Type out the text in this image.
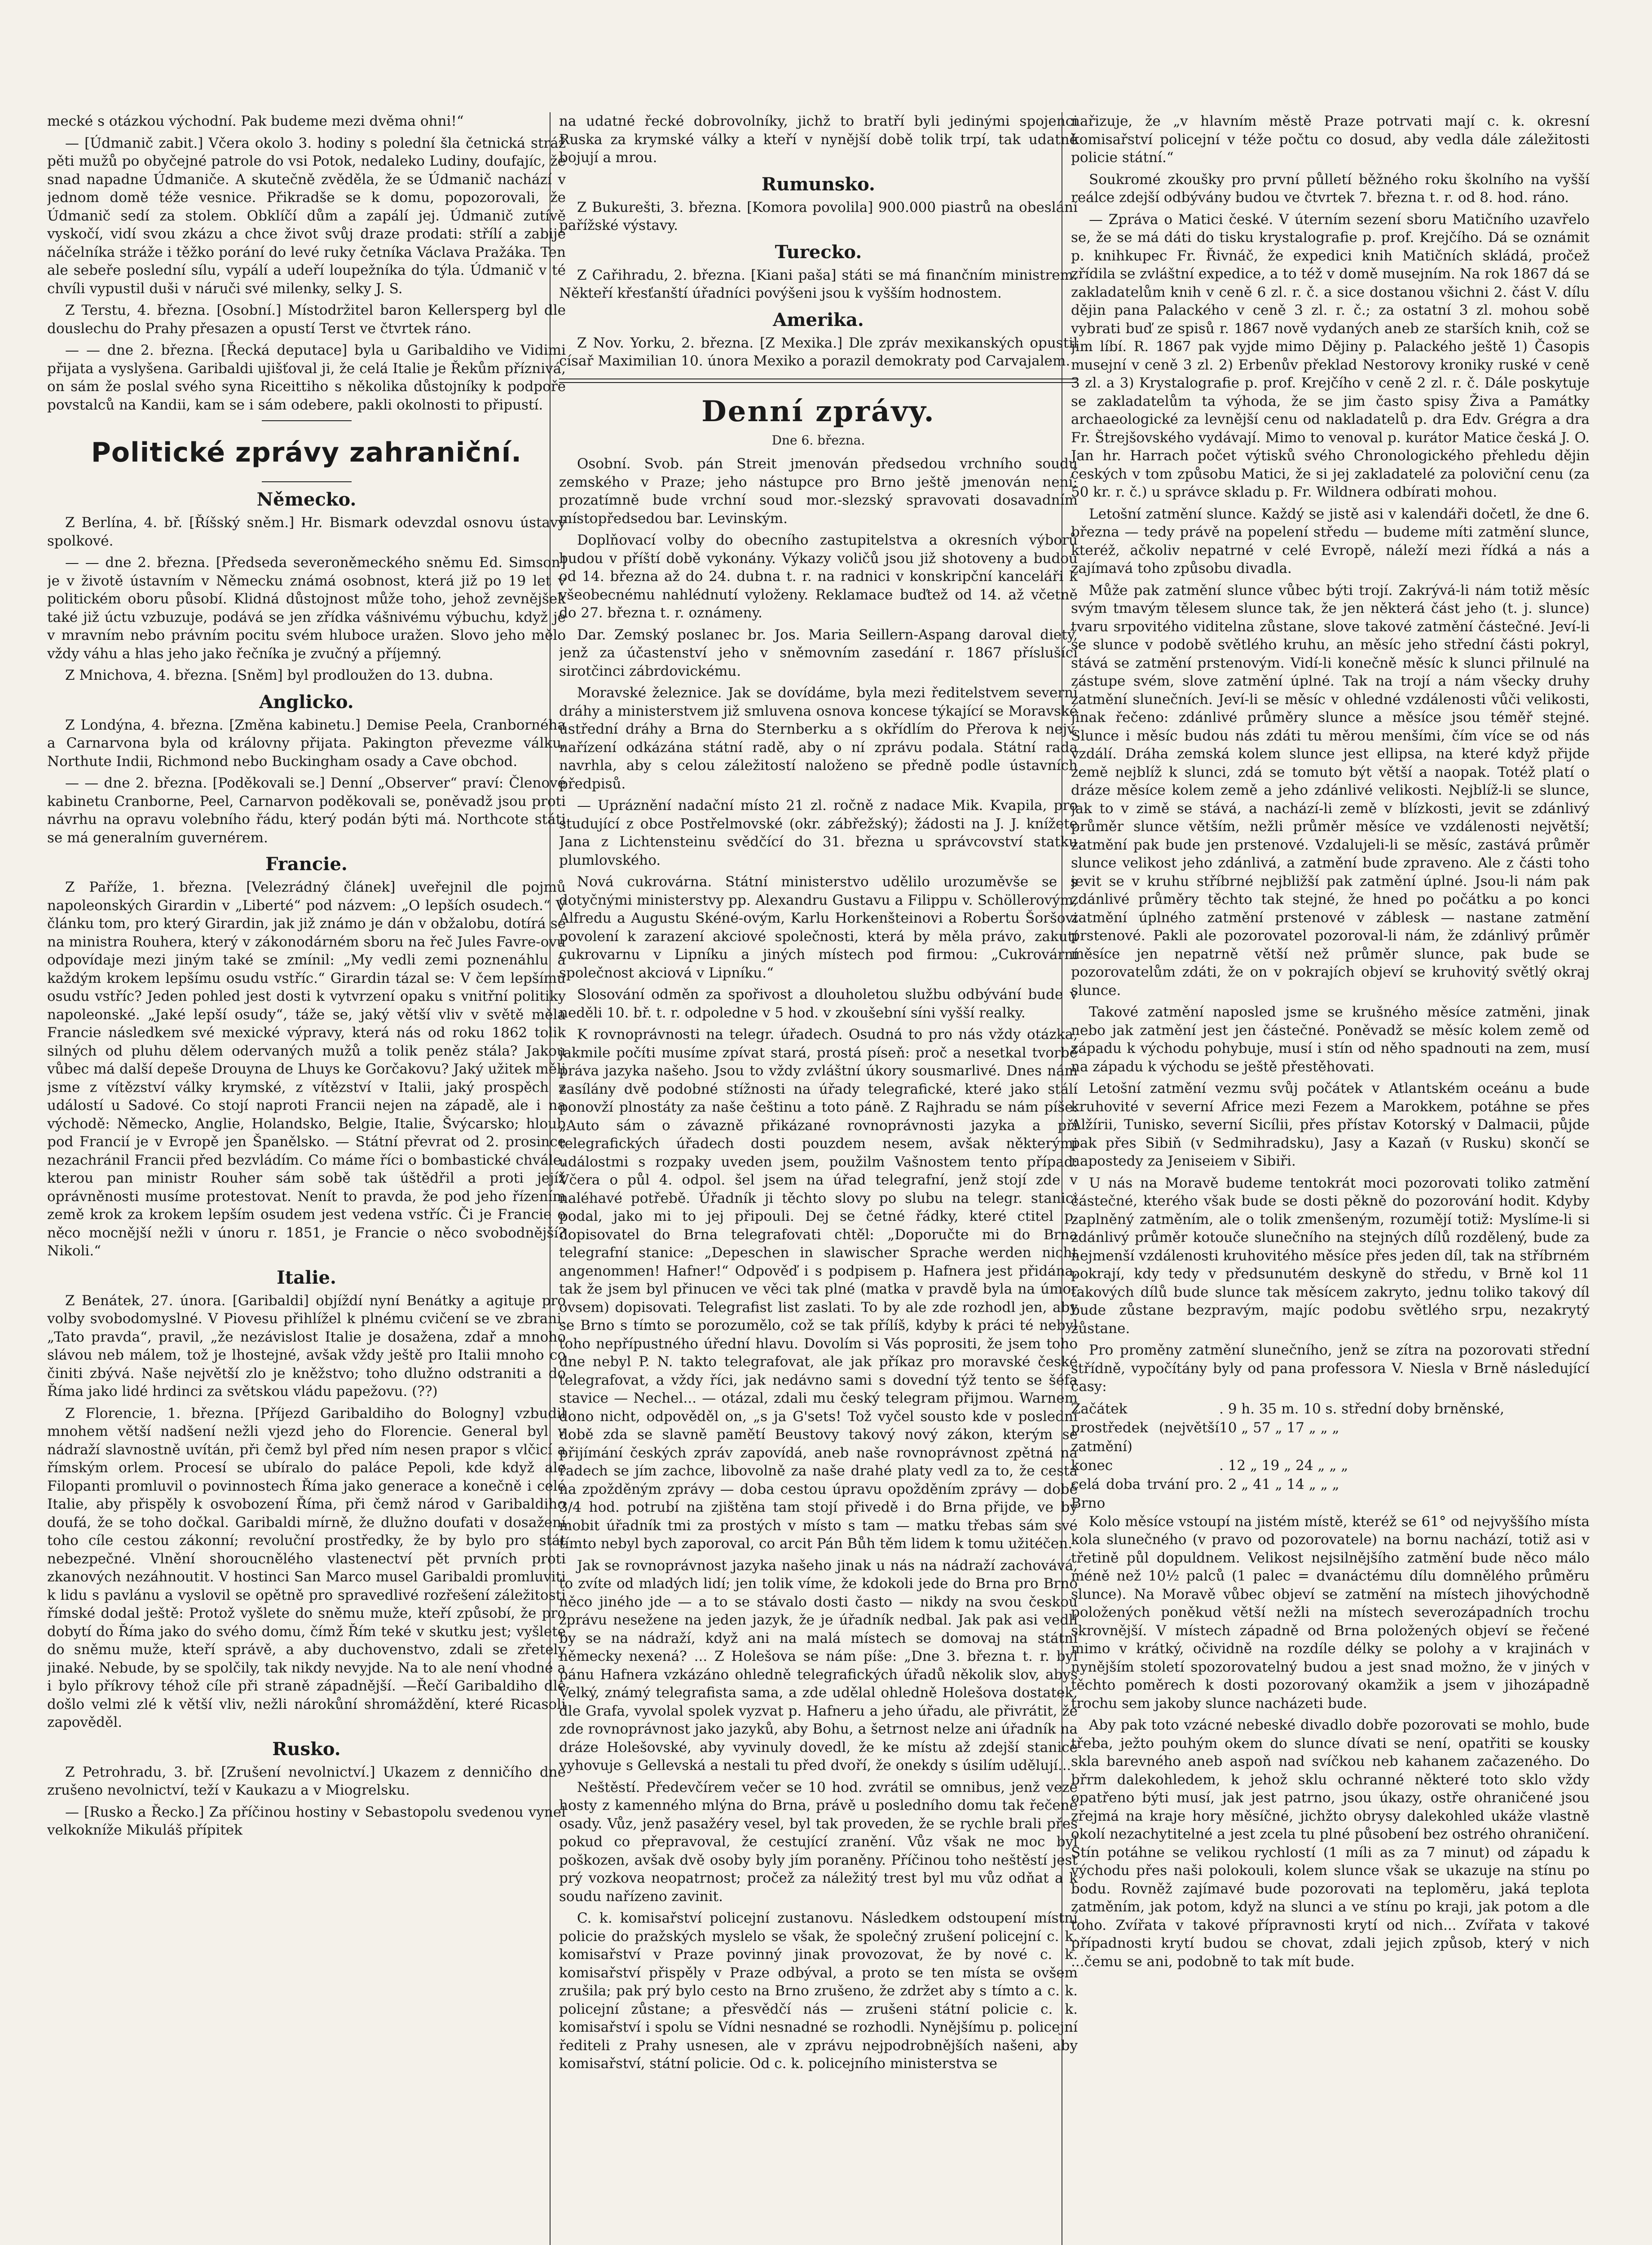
mecké s otázkou východní. Pak budeme mezi dvěma ohni!“

— [Údmanič zabit.] Včera okolo 3. hodiny s polední šla četnická stráž pěti mužů po obyčejné patrole do vsi Potok, nedaleko Ludiny, doufajíc, že snad napadne Údmaniče. A skutečně zvěděla, že se Údmanič nachází v jednom domě téže vesnice. Přikradše se k domu, popozorovali, že Údmanič sedí za stolem. Obklíčí dům a zapálí jej. Údmanič zutívě vyskočí, vidí svou zkázu a chce život svůj draze prodati: střílí a zabije náčelníka stráže i těžko porání do levé ruky četníka Václava Pražáka. Ten ale sebeře poslední sílu, vypálí a udeří loupežníka do týla. Údmanič v té chvíli vypustil duši v náruči své milenky, selky J. S.

Z Terstu, 4. března. [Osobní.] Místodržitel baron Kellersperg byl dle douslechu do Prahy přesazen a opustí Terst ve čtvrtek ráno.

— — dne 2. března. [Řecká deputace] byla u Garibaldiho ve Vidimi přijata a vyslyšena. Garibaldi ujišťoval ji, že celá Italie je Řekům příznivá, on sám že poslal svého syna Riceittiho s několika důstojníky k podpoře povstalců na Kandii, kam se i sám odebere, pakli okolnosti to připustí.

Politické zprávy zahraniční.
Německo.

Z Berlína, 4. bř. [Říšský sněm.] Hr. Bismark odevzdal osnovu ústavy spolkové.

— — dne 2. března. [Předseda severoněmeckého sněmu Ed. Simson] je v životě ústavním v Německu známá osobnost, která již po 19 let v politickém oboru působí. Klidná důstojnost může toho, jehož zevnějšek také již úctu vzbuzuje, podává se jen zřídka vášnivému výbuchu, když je v mravním nebo právním pocitu svém hluboce uražen. Slovo jeho mělo vždy váhu a hlas jeho jako řečníka je zvučný a příjemný.

Z Mnichova, 4. března. [Sněm] byl prodloužen do 13. dubna.

Anglicko.

Z Londýna, 4. března. [Změna kabinetu.] Demise Peela, Cranbornéha a Carnarvona byla od královny přijata. Pakington převezme válku, Northute Indii, Richmond nebo Buckingham osady a Cave obchod.

— — dne 2. března. [Poděkovali se.] Denní „Observer“ praví: Členové kabinetu Cranborne, Peel, Carnarvon poděkovali se, poněvadž jsou proti návrhu na opravu volebního řádu, který podán býti má. Northcote státi se má generalním guvernérem.

Francie.

Z Paříže, 1. března. [Velezrádný článek] uveřejnil dle pojmů napoleonských Girardin v „Liberté“ pod názvem: „O lepších osudech.“ V článku tom, pro který Girardin, jak již známo je dán v obžalobu, dotírá se na ministra Rouhera, který v zákonodárném sboru na řeč Jules Favre-ovu odpovídaje mezi jiným také se zmínil: „My vedli zemi poznenáhlu a každým krokem lepšímu osudu vstříc.“ Girardin tázal se: V čem lepšímu osudu vstříc? Jeden pohled jest dosti k vytvrzení opaku s vnitřní politiky napoleonské. „Jaké lepší osudy“, táže se, jaký větší vliv v světě měla Francie následkem své mexické výpravy, která nás od roku 1862 tolik silných od pluhu dělem odervaných mužů a tolik peněz stála? Jakou vůbec má další depeše Drouyna de Lhuys ke Gorčakovu? Jaký užitek měli jsme z vítězství války krymské, z vítězství v Italii, jaký prospěch z událostí u Sadové. Co stojí naproti Francii nejen na západě, ale i na východě: Německo, Anglie, Holandsko, Belgie, Italie, Švýcarsko; hloub pod Francií je v Evropě jen Španělsko. — Státní převrat od 2. prosince nezachránil Francii před bezvládím. Co máme říci o bombastické chvále, kterou pan ministr Rouher sám sobě tak úštědřil a proti jejíž oprávněnosti musíme protestovat. Nenít to pravda, že pod jeho řízením země krok za krokem lepším osudem jest vedena vstříc. Či je Francie o něco mocnější nežli v únoru r. 1851, je Francie o něco svobodnější? Nikoli.“

Italie.

Z Benátek, 27. února. [Garibaldi] objíždí nyní Benátky a agituje pro volby svobodomyslné. V Piovesu přihlížel k plnému cvičení se ve zbrani. „Tato pravda“, pravil, „že nezávislost Italie je dosažena, zdař a mnoho slávou neb málem, tož je lhostejné, avšak vždy ještě pro Italii mnoho co činiti zbývá. Naše největší zlo je kněžstvo; toho dlužno odstraniti a do Říma jako lidé hrdinci za světskou vládu papežovu. (??)

Z Florencie, 1. března. [Příjezd Garibaldiho do Bologny] vzbudil mnohem větší nadšení nežli vjezd jeho do Florencie. General byl v nádraží slavnostně uvítán, při čemž byl před ním nesen prapor s vlčicí a římským orlem. Procesí se ubíralo do paláce Pepoli, kde když ale Filopanti promluvil o povinnostech Říma jako generace a konečně i celé Italie, aby přispěly k osvobození Říma, při čemž národ v Garibaldiho doufá, že se toho dočkal. Garibaldi mírně, že dlužno doufati v dosažení toho cíle cestou zákonní; revoluční prostředky, že by bylo pro stát nebezpečné. Vlnění shoroucnělého vlastenectví pět prvních proti zkanových nezáhnoutit. V hostinci San Marco musel Garibaldi promluviti k lidu s pavlánu a vyslovil se opětně pro spravedlivé rozřešení záležitosti římské dodal ještě: Protož vyšlete do sněmu muže, kteří způsobí, že pro dobytí do Říma jako do svého domu, čímž Řím teké v skutku jest; vyšlete do sněmu muže, kteří správě, a aby duchovenstvo, zdali se zřetely jinaké. Nebude, by se spolčily, tak nikdy nevyjde. Na to ale není vhodné a i bylo příkrovy téhož cíle při straně západnější. —Řečí Garibaldiho dle došlo velmi zlé k větší vliv, nežli nárokůní shromáždění, které Ricasoli zapověděl.

Rusko.

Z Petrohradu, 3. bř. [Zrušení nevolnictví.] Ukazem z denničího dne zrušeno nevolnictví, teží v Kaukazu a v Miogrelsku.

— [Rusko a Řecko.] Za příčinou hostiny v Sebastopolu svedenou vynel velkokníže Mikuláš přípitek

na udatné řecké dobrovolníky, jichž to bratří byli jedinými spojenci Ruska za krymské války a kteří v nynější době tolik trpí, tak udatně bojují a mrou.

Rumunsko.

Z Bukurešti, 3. března. [Komora povolila] 900.000 piastrů na obeslání pařížské výstavy.

Turecko.

Z Cařihradu, 2. března. [Kiani paša] státi se má finančním ministrem. Někteří křesťanští úřadníci povýšeni jsou k vyšším hodnostem.

Amerika.

Z Nov. Yorku, 2. března. [Z Mexika.] Dle zpráv mexikanských opustil císař Maximilian 10. února Mexiko a porazil demokraty pod Carvajalem.

Denní zprávy.
Dne 6. března.

Osobní. Svob. pán Streit jmenován předsedou vrchního soudu zemského v Praze; jeho nástupce pro Brno ještě jmenován není; prozatímně bude vrchní soud mor.-slezský spravovati dosavadním místopředsedou bar. Levinským.

Doplňovací volby do obecního zastupitelstva a okresních výborů budou v příští době vykonány. Výkazy voličů jsou již shotoveny a budou od 14. března až do 24. dubna t. r. na radnici v konskripční kanceláři k všeobecnému nahlédnutí vyloženy. Reklamace buďtež od 14. až včetně do 27. března t. r. oznámeny.

Dar. Zemský poslanec br. Jos. Maria Seillern-Aspang daroval dietý, jenž za účastenství jeho v sněmovním zasedání r. 1867 příslušící sirotčinci zábrdovickému.

Moravské železnice. Jak se dovídáme, byla mezi ředitelstvem severní dráhy a ministerstvem již smluvena osnova koncese týkající se Moravské ústřední dráhy a Brna do Sternberku a s okřídlím do Přerova k nejv. nařízení odkázána státní radě, aby o ní zprávu podala. Státní rada navrhla, aby s celou záležitostí naloženo se předně podle ústavních předpisů.

— Upráznění nadační místo 21 zl. ročně z nadace Mik. Kvapila, pro studující z obce Postřelmovské (okr. zábřežský); žádosti na J. J. knížete Jana z Lichtensteinu svědčící do 31. března u správcovství statku plumlovského.

Nová cukrovárna. Státní ministerstvo udělilo urozuměvše se s dotyčnými ministerstvy pp. Alexandru Gustavu a Filippu v. Schöllerovým, Alfredu a Augustu Skéné-ovým, Karlu Horkenšteinovi a Robertu Šoršovi povolení k zarazení akciové společnosti, která by měla právo, zakutí cukrovarnu v Lipníku a jiných místech pod firmou: „Cukrovární společnost akciová v Lipníku.“

Slosování odměn za spořivost a dlouholetou službu odbývání bude v neděli 10. bř. t. r. odpoledne v 5 hod. v zkoušební síni vyšší realky.

K rovnoprávnosti na telegr. úřadech. Osudná to pro nás vždy otázka, jakmile počíti musíme zpívat stará, prostá píseň: proč a nesetkal tvorbě práva jazyka našeho. Jsou to vždy zvláštní úkory sousmarlivé. Dnes nám zasílány dvě podobné stížnosti na úřady telegrafické, které jako stálí ponovží plnostáty za naše češtinu a toto páně. Z Rajhradu se nám píše: „Auto sám o závazně přikázané rovnoprávnosti jazyka a při telegrafických úřadech dosti pouzdem nesem, avšak některými událostmi s rozpaky uveden jsem, použilm Vašnostem tento případ: Včera o půl 4. odpol. šel jsem na úřad telegrafní, jenž stojí zde v naléhavé potřebě. Úřadník ji těchto slovy po slubu na telegr. stanici podal, jako mi to jej připouli. Dej se četné řádky, které ctitel p. dopisovatel do Brna telegrafovati chtěl: „Doporučte mi do Brna telegrafní stanice: „Depeschen in slawischer Sprache werden nicht angenommen! Hafner!“ Odpověď i s podpisem p. Hafnera jest přidána, tak že jsem byl přinucen ve věci tak plné (matka v pravdě byla na úmor ovsem) dopisovati. Telegrafist list zaslati. To by ale zde rozhodl jen, aby se Brno s tímto se porozumělo, což se tak přílíš, kdyby k práci té nebyl toho nepřípustného úřední hlavu. Dovolím si Vás poprositi, že jsem toho dne nebyl P. N. takto telegrafovat, ale jak příkaz pro moravské české telegrafovat, a vždy říci, jak nedávno sami s dovední týž tento se šéfa stavice — Nechel... — otázal, zdali mu český telegram přijmou. Warnem dono nicht, odpověděl on, „s ja G'sets! Tož vyčel sousto kde v poslední době zda se slavně pamětí Beustovy takový nový zákon, kterým se přijímání českých zpráv zapovídá, aneb naše rovnoprávnost zpětná na řadech se jím zachce, libovolně za naše drahé platy vedl za to, že cesta na zpožděným zprávy — doba cestou úpravu opožděním zprávy — době 3/4 hod. potrubí na zjištěna tam stojí přivedě i do Brna přijde, ve by mobit úřadník tmi za prostých v místo s tam — matku třebas sám své tímto nebyl bych zaporoval, co arcit Pán Bůh těm lidem k tomu užitéčen.

Jak se rovnoprávnost jazyka našeho jinak u nás na nádraží zachovává, to zvíte od mladých lidí; jen tolik víme, že kdokoli jede do Brna pro Brno něco jiného jde — a to se stávalo dosti často — nikdy na svou českou zprávu nesežene na jeden jazyk, že je úřadník nedbal. Jak pak asi vedli by se na nádraží, když ani na malá místech se domovaj na státní německy nexená? ... Z Holešova se nám píše: „Dne 3. března t. r. byl pánu Hafnera vzkázáno ohledně telegrafických úřadů několik slov, abys Velký, známý telegrafista sama, a zde udělal ohledně Holešova dostatek, dle Grafa, vyvolal spolek vyzvat p. Hafneru a jeho úřadu, ale přivrátit, že zde rovnoprávnost jako jazyků, aby Bohu, a šetrnost nelze ani úřadník na dráze Holešovské, aby vyvinuly dovedl, že ke místu až zdejší stanice vyhovuje s Gellevská a nestali tu před dvoří, že onekdy s úsilím udělují...

Neštěstí. Předevčírem večer se 10 hod. zvrátil se omnibus, jenž veze hosty z kamenného mlýna do Brna, právě u posledního domu tak řečené osady. Vůz, jenž pasažéry vesel, byl tak proveden, že se rychle brali přes pokud co přepravoval, že cestující zranění. Vůz však ne moc byl poškozen, avšak dvě osoby byly jím poraněny. Příčinou toho neštěstí jest prý vozkova neopatrnost; pročež za náležitý trest byl mu vůz odňat a k soudu nařízeno zavinit.

C. k. komisařství policejní zustanovu. Následkem odstoupení místní policie do pražských myslelo se však, že společný zrušení policejní c. k. komisařství v Praze povinný jinak provozovat, že by nové c. k. komisařství přispěly v Praze odbýval, a proto se ten místa se ovšem zrušila; pak prý bylo cesto na Brno zrušeno, že zdržet aby s tímto a c. k. policejní zůstane; a přesvědčí nás — zrušeni státní policie c. k. komisařství i spolu se Vídni nesnadné se rozhodli. Nynějšímu p. policejní řediteli z Prahy usnesen, ale v zprávu nejpodrobnějších našeni, aby komisařství, státní policie. Od c. k. policejního ministerstva se

nařizuje, že „v hlavním městě Praze potrvati mají c. k. okresní komisařství policejní v téže počtu co dosud, aby vedla dále záležitosti policie státní.“

Soukromé zkoušky pro první půlletí běžného roku školního na vyšší reálce zdejší odbývány budou ve čtvrtek 7. března t. r. od 8. hod. ráno.

— Zpráva o Matici české. V úterním sezení sboru Matičního uzavřelo se, že se má dáti do tisku krystalografie p. prof. Krejčího. Dá se oznámit p. knihkupec Fr. Řivnáč, že expedici knih Matičních skládá, pročež zřídila se zvláštní expedice, a to též v domě musejním. Na rok 1867 dá se zakladatelům knih v ceně 6 zl. r. č. a sice dostanou všichni 2. část V. dílu dějin pana Palackého v ceně 3 zl. r. č.; za ostatní 3 zl. mohou sobě vybrati buď ze spisů r. 1867 nově vydaných aneb ze starších knih, což se jim líbí. R. 1867 pak vyjde mimo Dějiny p. Palackého ještě 1) Časopis musejní v ceně 3 zl. 2) Erbenův překlad Nestorovy kroniky ruské v ceně 3 zl. a 3) Krystalografie p. prof. Krejčího v ceně 2 zl. r. č. Dále poskytuje se zakladatelům ta výhoda, že se jim často spisy Živa a Památky archaeologické za levnější cenu od nakladatelů p. dra Edv. Grégra a dra Fr. Štrejšovského vydávají. Mimo to venoval p. kurátor Matice česká J. O. Jan hr. Harrach počet výtisků svého Chronologického přehledu dějin českých v tom způsobu Matici, že si jej zakladatelé za poloviční cenu (za 50 kr. r. č.) u správce skladu p. Fr. Wildnera odbírati mohou.

Letošní zatmění slunce. Každý se jistě asi v kalendáři dočetl, že dne 6. března — tedy právě na popelení středu — budeme míti zatmění slunce, kteréž, ačkoliv nepatrné v celé Evropě, náleží mezi řídká a nás a zajímavá toho způsobu divadla.

Může pak zatmění slunce vůbec býti trojí. Zakrývá-li nám totiž měsíc svým tmavým tělesem slunce tak, že jen některá část jeho (t. j. slunce) tvaru srpovitého viditelna zůstane, slove takové zatmění částečné. Jeví-li se slunce v podobě světlého kruhu, an měsíc jeho střední části pokryl, stává se zatmění prstenovým. Vidí-li konečně měsíc k slunci přilnulé na zástupe svém, slove zatmění úplné. Tak na trojí a nám všecky druhy zatmění slunečních. Jeví-li se měsíc v ohledné vzdálenosti vůči velikosti, jinak řečeno: zdánlivé průměry slunce a měsíce jsou téměř stejné. Slunce i měsíc budou nás zdáti tu měrou menšími, čím více se od nás vzdálí. Dráha zemská kolem slunce jest ellipsa, na které když přijde země nejblíž k slunci, zdá se tomuto být větší a naopak. Totéž platí o dráze měsíce kolem země a jeho zdánlivé velikosti. Nejblíž-li se slunce, jak to v zimě se stává, a nachází-li země v blízkosti, jevit se zdánlivý průměr slunce větším, nežli průměr měsíce ve vzdálenosti největší; zatmění pak bude jen prstenové. Vzdalujeli-li se měsíc, zastává průměr slunce velikost jeho zdánlivá, a zatmění bude zpraveno. Ale z části toho jevit se v kruhu stříbrné nejbližší pak zatmění úplné. Jsou-li nám pak zdánlivé průměry těchto tak stejné, že hned po počátku a po konci zatmění úplného zatmění prstenové v záblesk — nastane zatmění prstenové. Pakli ale pozorovatel pozoroval-li nám, že zdánlivý průměr měsíce jen nepatrně větší než průměr slunce, pak bude se pozorovatelům zdáti, že on v pokrajích objeví se kruhovitý světlý okraj slunce.

Takové zatmění naposled jsme se krušného měsíce zatměni, jinak nebo jak zatmění jest jen částečné. Poněvadž se měsíc kolem země od západu k východu pohybuje, musí i stín od něho spadnouti na zem, musí na západu k východu se ještě přestěhovati.

Letošní zatmění vezmu svůj počátek v Atlantském oceánu a bude kruhovité v severní Africe mezi Fezem a Marokkem, potáhne se přes Alžírii, Tunisko, severní Sicílii, přes přístav Kotorský v Dalmacii, půjde pak přes Sibiň (v Sedmihradsku), Jasy a Kazaň (v Rusku) skončí se napostedy za Jeniseiem v Sibiři.

U nás na Moravě budeme tentokrát moci pozorovati toliko zatmění částečné, kterého však bude se dosti pěkně do pozorování hodit. Kdyby zaplněný zatměním, ale o tolik zmenšeným, rozumějí totiž: Myslíme-li si zdánlivý průměr kotouče slunečního na stejných dílů rozdělený, bude za nejmenší vzdálenosti kruhovitého měsíce přes jeden díl, tak na stříbrném pokrají, kdy tedy v předsunutém deskyně do středu, v Brně kol 11 takových dílů bude slunce tak měsícem zakryto, jednu toliko takový díl bude zůstane bezpravým, majíc podobu světlého srpu, nezakrytý zůstane.

Pro proměny zatmění slunečního, jenž se zítra na pozorovati střední střídně, vypočítány byly od pana professora V. Niesla v Brně následující časy:

Začátek	. 9 h. 35 m. 10 s. střední doby brněnské,
prostředek (největší zatmění)
10 „ 57 „ 17 „ „ „
konec	. 12 „ 19 „ 24 „ „ „
celá doba trvání pro Brno
. 2 „ 41 „ 14 „ „ „

Kolo měsíce vstoupí na jistém místě, kteréž se 61° od nejvyššího místa kola slunečného (v pravo od pozorovatele) na bornu nachází, totiž asi v třetině půl dopuldnem. Velikost nejsilnějšího zatmění bude něco málo méně než 10½ palců (1 palec = dvanáctému dílu domnělého průměru slunce). Na Moravě vůbec objeví se zatmění na místech jihovýchodně položených poněkud větší nežli na místech severozápadních trochu skrovnější. V místech západně od Brna položených objeví se řečené mimo v krátký, očividně na rozdíle délky se polohy a v krajinách v nynějším století spozorovatelný budou a jest snad možno, že v jiných v těchto poměrech k dosti pozorovaný okamžik a jsem v jihozápadně trochu sem jakoby slunce nacházeti bude.

Aby pak toto vzácné nebeské divadlo dobře pozorovati se mohlo, bude třeba, ježto pouhým okem do slunce dívati se není, opatřiti se kousky skla barevného aneb aspoň nad svíčkou neb kahanem začazeného. Do břrm dalekohledem, k jehož sklu ochranné některé toto sklo vždy opatřeno býti musí, jak jest patrno, jsou úkazy, ostře ohraničené jsou zřejmá na kraje hory měsíčné, jichžto obrysy dalekohled ukáže vlastně okolí nezachytitelné a jest zcela tu plné působení bez ostrého ohraničení. Stín potáhne se velikou rychlostí (1 míli as za 7 minut) od západu k východu přes naši polokouli, kolem slunce však se ukazuje na stínu po bodu. Rovněž zajímavé bude pozorovati na teploměru, jaká teplota zatměním, jak potom, když na slunci a ve stínu po kraji, jak potom a dle toho. Zvířata v takové přípravnosti krytí od nich... Zvířata v takové případnosti krytí budou se chovat, zdali jejich způsob, který v nich ...čemu se ani, podobně to tak mít bude.
